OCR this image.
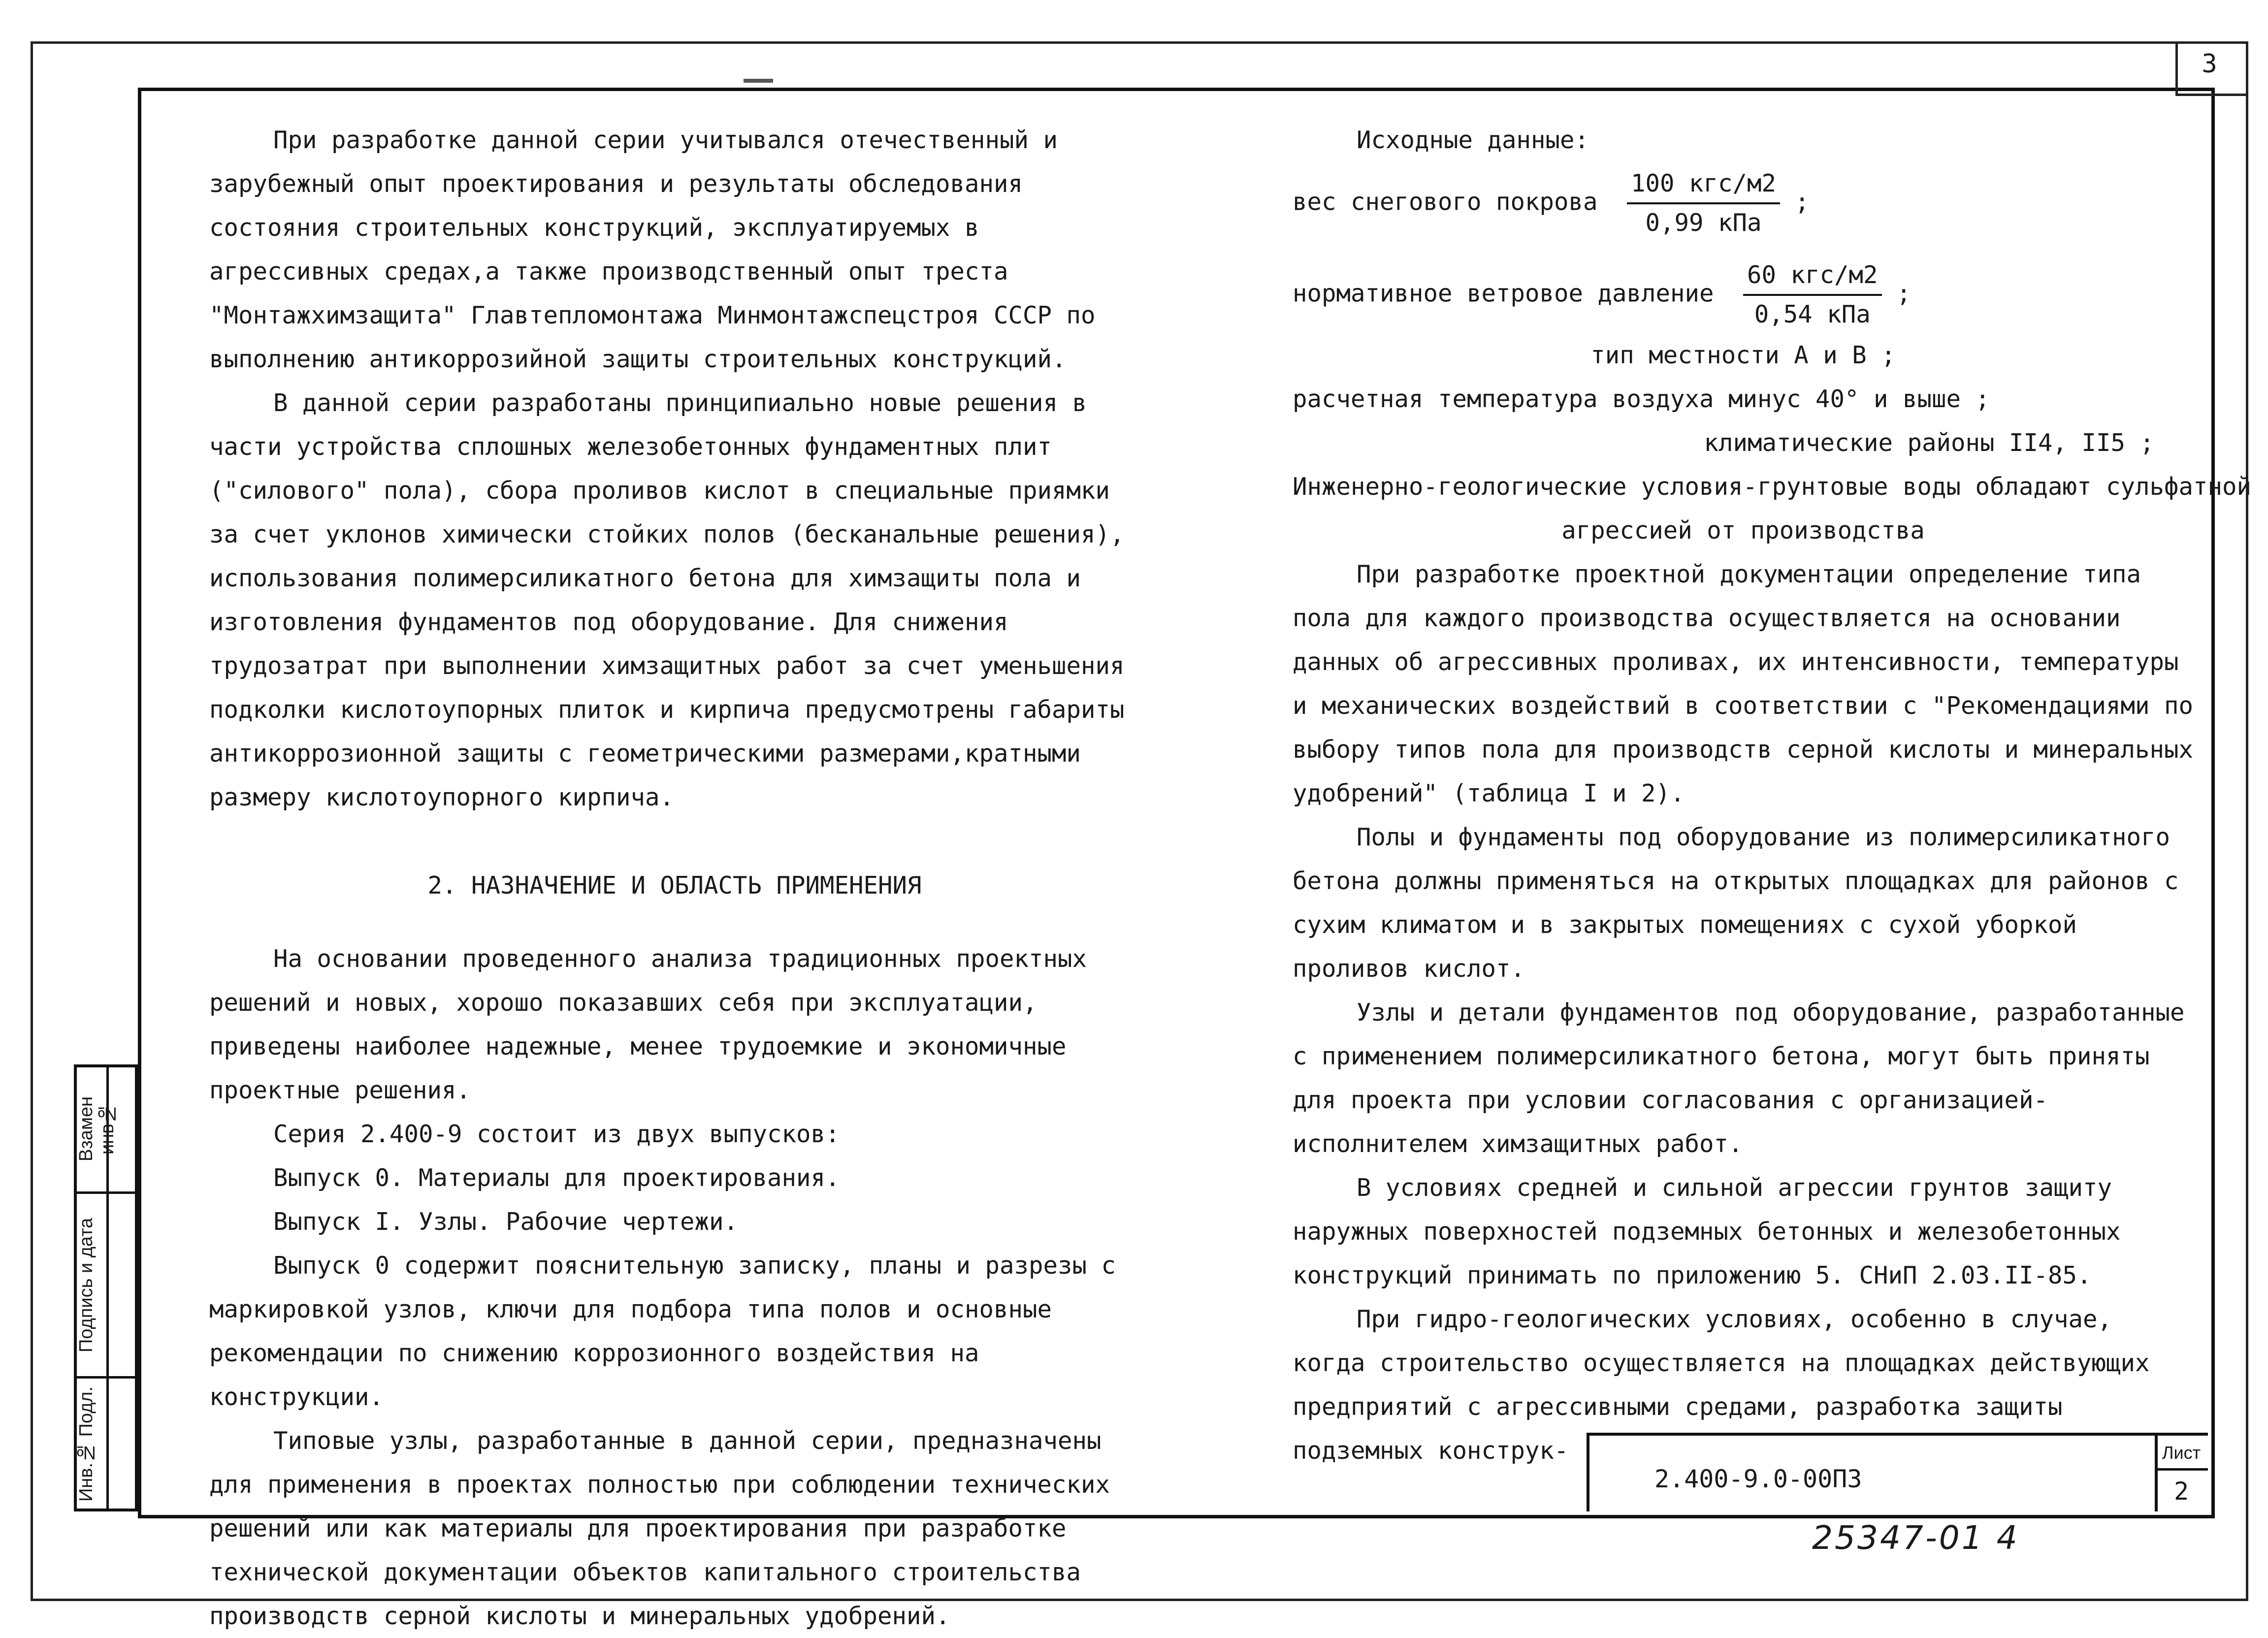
3
Взамен инв№
Подпись и дата
Инв.№ Подл.

При разработке данной серии учитывался отечественный и зарубежный опыт проектирования и результаты обследования состояния строительных конструкций, эксплуатируемых в агрессивных средах,а также производственный опыт треста "Монтажхимзащита" Главтепломонтажа Минмонтажспецстроя СССР по выполнению антикоррозийной защиты строительных конструкций.

В данной серии разработаны принципиально новые решения в части устройства сплошных железобетонных фундаментных плит ("силового" пола), сбора проливов кислот в специальные приямки за счет уклонов химически стойких полов (бесканальные решения), использования полимерсиликатного бетона для химзащиты пола и изготовления фундаментов под оборудование. Для снижения трудозатрат при выполнении химзащитных работ за счет уменьшения подколки кислотоупорных плиток и кирпича предусмотрены габариты антикоррозионной защиты с геометрическими размерами,кратными размеру кислотоупорного кирпича.

2. НАЗНАЧЕНИЕ И ОБЛАСТЬ ПРИМЕНЕНИЯ

На основании проведенного анализа традиционных проектных решений и новых, хорошо показавших себя при эксплуатации, приведены наиболее надежные, менее трудоемкие и экономичные проектные решения.

Серия 2.400-9 состоит из двух выпусков:

Выпуск 0. Материалы для проектирования.

Выпуск I. Узлы. Рабочие чертежи.

Выпуск 0 содержит пояснительную записку, планы и разрезы с маркировкой узлов, ключи для подбора типа полов и основные рекомендации по снижению коррозионного воздействия на конструкции.

Типовые узлы, разработанные в данной серии, предназначены для применения в проектах полностью при соблюдении технических решений или как материалы для проектирования при разработке технической документации объектов капитального строительства производств серной кислоты и минеральных удобрений.

Исходные данные:

вес снегового покрова $\frac{\text{100 кгс/м2}}{\text{0,99 кПа}}$ ;

нормативное ветровое давление $\frac{\text{60 кгс/м2}}{\text{0,54 кПа}}$ ;

тип местности А и В ;

расчетная температура воздуха минус 40° и выше ;

климатические районы II4, II5 ;

Инженерно-геологические условия-грунтовые воды обладают сульфатной

агрессией от производства

При разработке проектной документации определение типа пола для каждого производства осуществляется на основании данных об агрессивных проливах, их интенсивности, температуры и механических воздействий в соответствии с "Рекомендациями по выбору типов пола для производств серной кислоты и минеральных удобрений" (таблица I и 2).

Полы и фундаменты под оборудование из полимерсиликатного бетона должны применяться на открытых площадках для районов с сухим климатом и в закрытых помещениях с сухой уборкой проливов кислот.

Узлы и детали фундаментов под оборудование, разработанные с применением полимерсиликатного бетона, могут быть приняты для проекта при условии согласования с организацией-исполнителем химзащитных работ.

В условиях средней и сильной агрессии грунтов защиту наружных поверхностей подземных бетонных и железобетонных конструкций принимать по приложению 5. СНиП 2.03.II-85.

При гидро-геологических условиях, особенно в случае, когда строительство осуществляется на площадках действующих предприятий с агрессивными средами, разработка защиты подземных конструк-

2.400-9.0-00ПЗ
Лист
2
25347-01 4
